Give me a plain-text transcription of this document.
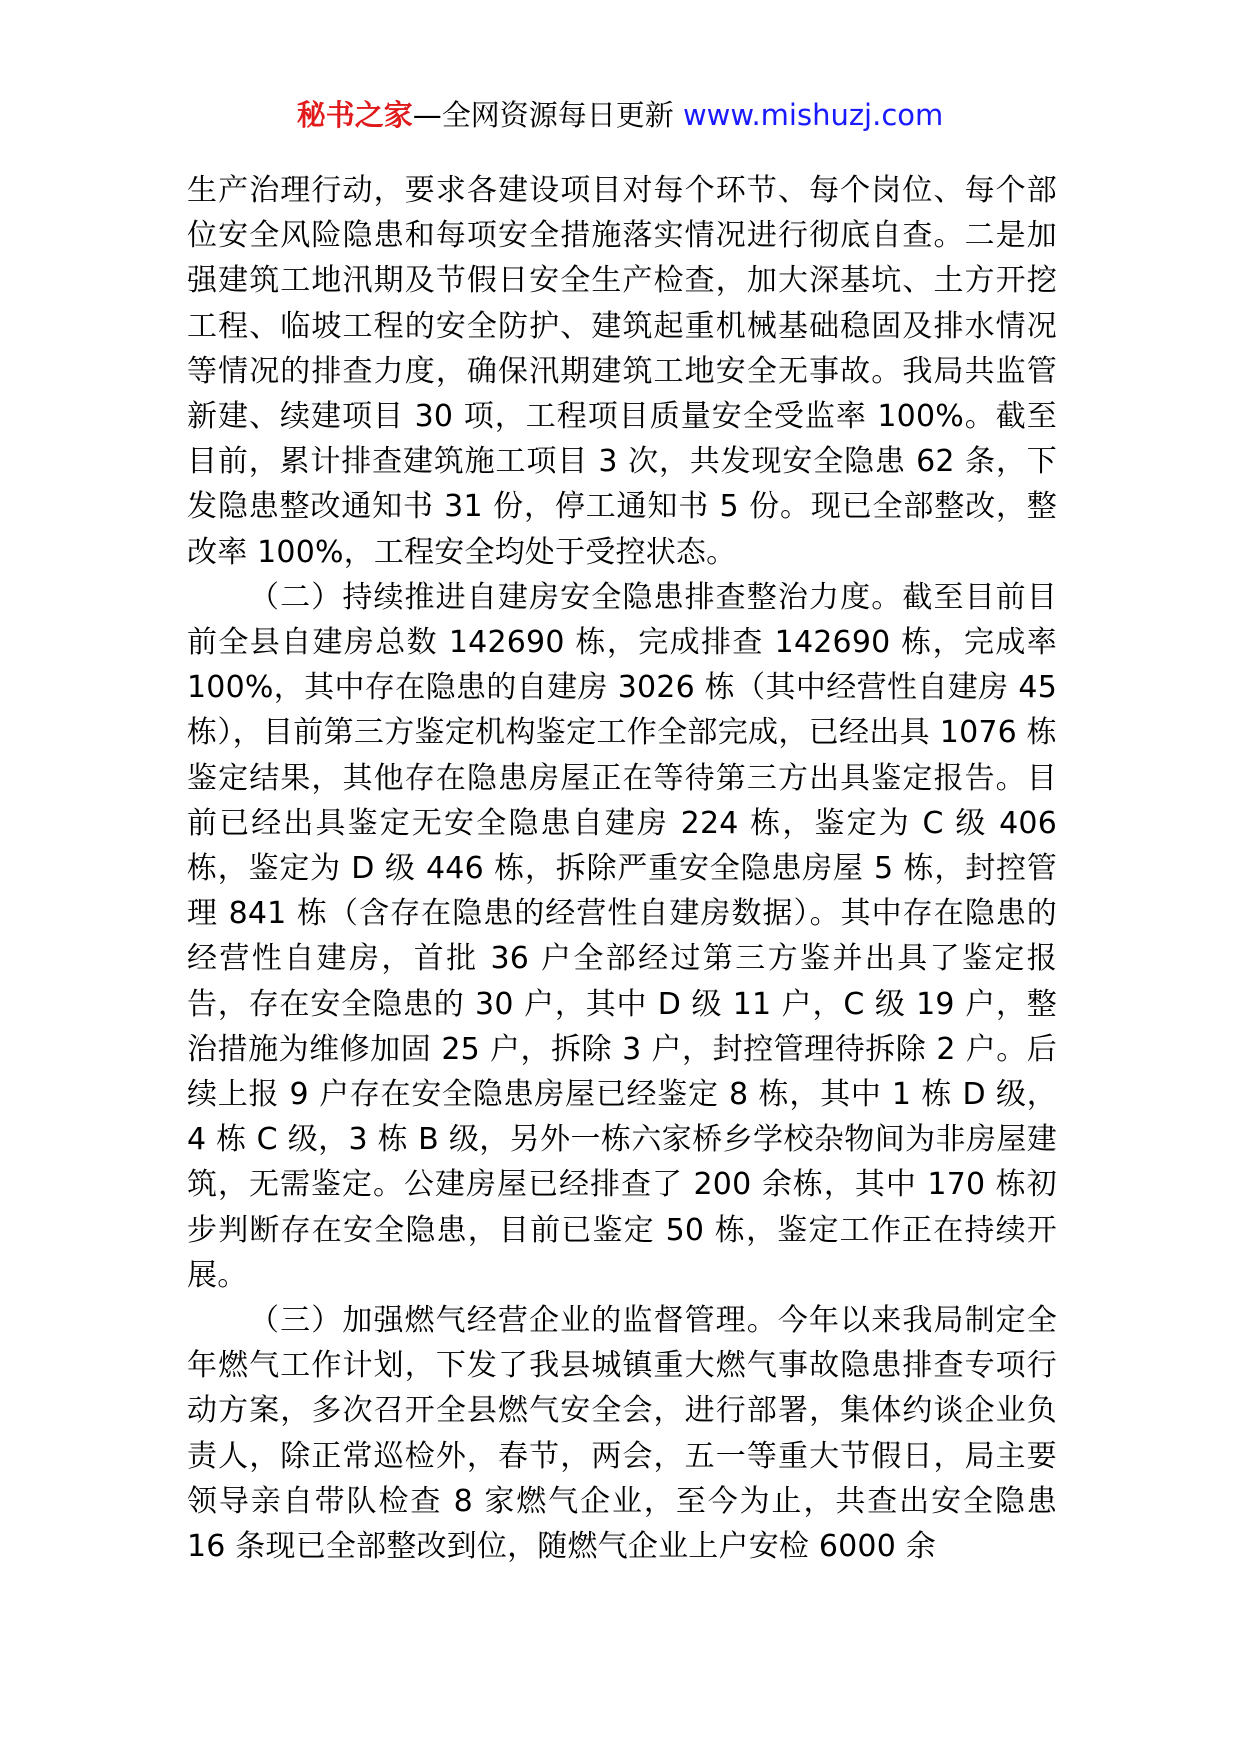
秘书之家—全网资源每日更新 www.mishuzj.com

生产治理行动，要求各建设项目对每个环节、每个岗位、每个部位安全风险隐患和每项安全措施落实情况进行彻底自查。二是加强建筑工地汛期及节假日安全生产检查，加大深基坑、土方开挖工程、临坡工程的安全防护、建筑起重机械基础稳固及排水情况等情况的排查力度，确保汛期建筑工地安全无事故。我局共监管新建、续建项目 30 项，工程项目质量安全受监率 100%。截至目前，累计排查建筑施工项目 3 次，共发现安全隐患 62 条，下发隐患整改通知书 31 份，停工通知书 5 份。现已全部整改，整改率 100%，工程安全均处于受控状态。

（二）持续推进自建房安全隐患排查整治力度。截至目前目前全县自建房总数 142690 栋，完成排查 142690 栋，完成率 100%，其中存在隐患的自建房 3026 栋（其中经营性自建房 45 栋），目前第三方鉴定机构鉴定工作全部完成，已经出具 1076 栋鉴定结果，其他存在隐患房屋正在等待第三方出具鉴定报告。目前已经出具鉴定无安全隐患自建房 224 栋，鉴定为 C 级 406 栋，鉴定为 D 级 446 栋，拆除严重安全隐患房屋 5 栋，封控管理 841 栋（含存在隐患的经营性自建房数据）。其中存在隐患的经营性自建房，首批 36 户全部经过第三方鉴并出具了鉴定报告，存在安全隐患的 30 户，其中 D 级 11 户，C 级 19 户，整治措施为维修加固 25 户，拆除 3 户，封控管理待拆除 2 户。后续上报 9 户存在安全隐患房屋已经鉴定 8 栋，其中 1 栋 D 级，4 栋 C 级，3 栋 B 级，另外一栋六家桥乡学校杂物间为非房屋建筑，无需鉴定。公建房屋已经排查了 200 余栋，其中 170 栋初步判断存在安全隐患，目前已鉴定 50 栋，鉴定工作正在持续开展。

（三）加强燃气经营企业的监督管理。今年以来我局制定全年燃气工作计划，下发了我县城镇重大燃气事故隐患排查专项行动方案，多次召开全县燃气安全会，进行部署，集体约谈企业负责人，除正常巡检外，春节，两会，五一等重大节假日，局主要领导亲自带队检查 8 家燃气企业，至今为止，共查出安全隐患 16 条现已全部整改到位，随燃气企业上户安检 6000 余
